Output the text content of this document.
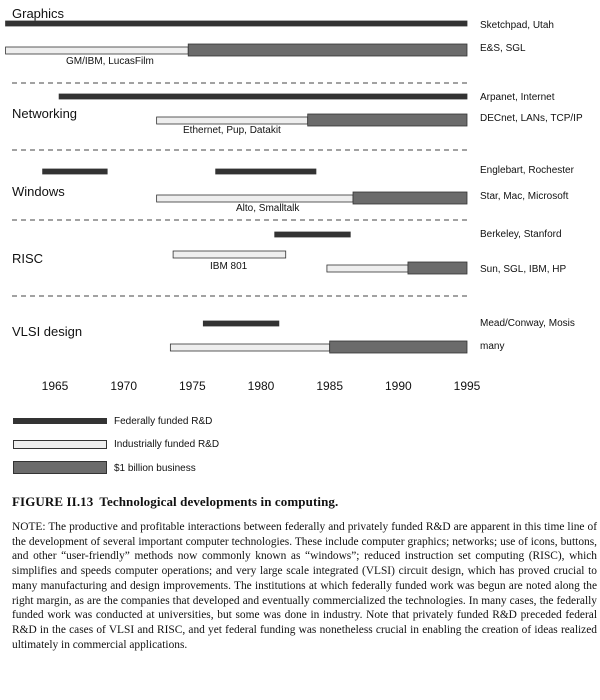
Graphics
Sketchpad, Utah
GM/IBM, LucasFilm
E&S, SGL
Networking
Arpanet, Internet
Ethernet, Pup, Datakit
DECnet, LANs, TCP/IP
Windows
Englebart, Rochester
Alto, Smalltalk
Star, Mac, Microsoft
RISC
Berkeley, Stanford
IBM 801	Sun, SGL, IBM, HP
VLSI design
Mead/Conway, Mosis
many
1965	1970	1975	1980	1985	1990	1995
Federally funded R&D
Industrially funded R&D
$1 billion business

FIGURE II.13 Technological developments in computing.

NOTE: The productive and profitable interactions between federally and privately funded R&D are apparent in this time line of the development of several important computer technologies. These include computer graphics; networks; use of icons, buttons, and other “user-friendly” methods now commonly known as “windows”; reduced instruction set computing (RISC), which simplifies and speeds computer operations; and very large scale integrated (VLSI) circuit design, which has proved crucial to many manufacturing and design improvements. The institutions at which federally funded work was begun are noted along the right margin, as are the companies that developed and eventually commercialized the technologies. In many cases, the federally funded work was conducted at universities, but some was done in industry. Note that privately funded R&D preceded federal R&D in the cases of VLSI and RISC, and yet federal funding was nonetheless crucial in enabling the creation of ideas realized ultimately in commercial applications.
